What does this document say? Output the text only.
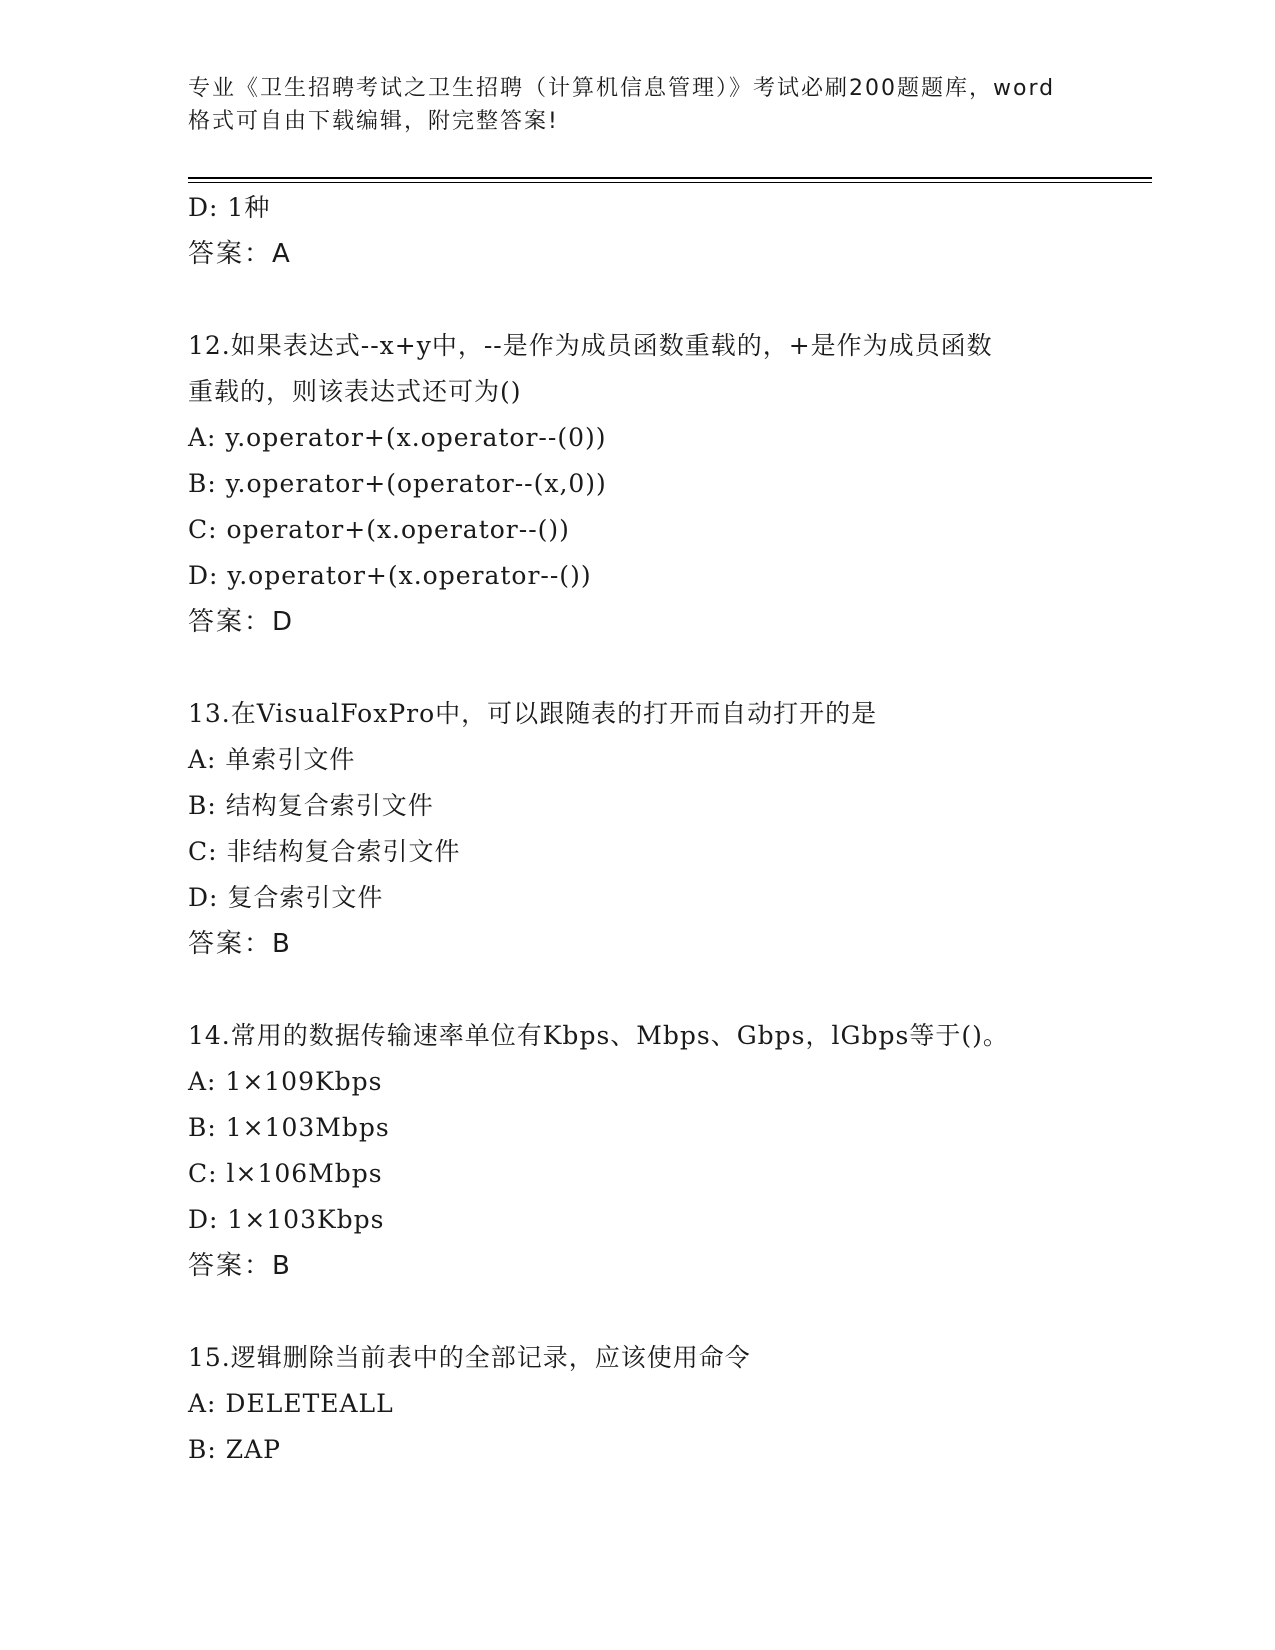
专业《卫生招聘考试之卫生招聘（计算机信息管理）》考试必刷200题题库，word
格式可自由下载编辑，附完整答案!
D: 1种
答案：A
12.如果表达式--x+y中，--是作为成员函数重载的，+是作为成员函数
重载的，则该表达式还可为()
A: y.operator+(x.operator--(0))
B: y.operator+(operator--(x,0))
C: operator+(x.operator--())
D: y.operator+(x.operator--())
答案：D
13.在VisualFoxPro中，可以跟随表的打开而自动打开的是
A: 单索引文件
B: 结构复合索引文件
C: 非结构复合索引文件
D: 复合索引文件
答案：B
14.常用的数据传输速率单位有Kbps、Mbps、Gbps，lGbps等于()。
A: 1×109Kbps
B: 1×103Mbps
C: l×106Mbps
D: 1×103Kbps
答案：B
15.逻辑删除当前表中的全部记录，应该使用命令
A: DELETEALL
B: ZAP
